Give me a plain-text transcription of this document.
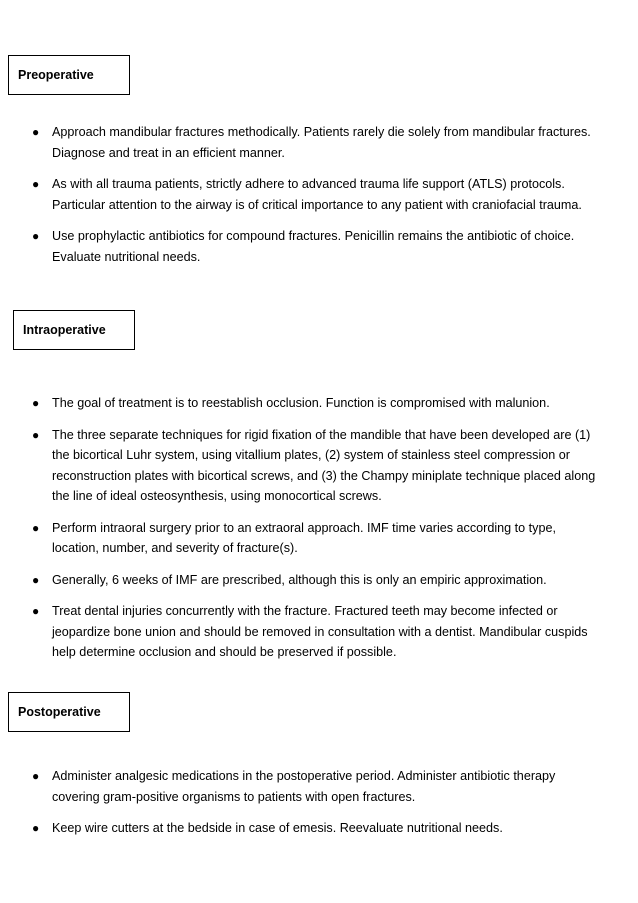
Preoperative
● Approach mandibular fractures methodically. Patients rarely die solely from mandibular fractures. Diagnose and treat in an efficient manner.
● As with all trauma patients, strictly adhere to advanced trauma life support (ATLS) protocols. Particular attention to the airway is of critical importance to any patient with craniofacial trauma.
● Use prophylactic antibiotics for compound fractures. Penicillin remains the antibiotic of choice. Evaluate nutritional needs.
Intraoperative
● The goal of treatment is to reestablish occlusion. Function is compromised with malunion.
● The three separate techniques for rigid fixation of the mandible that have been developed are (1) the bicortical Luhr system, using vitallium plates, (2) system of stainless steel compression or reconstruction plates with bicortical screws, and (3) the Champy miniplate technique placed along the line of ideal osteosynthesis, using monocortical screws.
● Perform intraoral surgery prior to an extraoral approach. IMF time varies according to type, location, number, and severity of fracture(s).
● Generally, 6 weeks of IMF are prescribed, although this is only an empiric approximation.
● Treat dental injuries concurrently with the fracture. Fractured teeth may become infected or jeopardize bone union and should be removed in consultation with a dentist. Mandibular cuspids help determine occlusion and should be preserved if possible.
Postoperative
● Administer analgesic medications in the postoperative period. Administer antibiotic therapy covering gram-positive organisms to patients with open fractures.
● Keep wire cutters at the bedside in case of emesis. Reevaluate nutritional needs.
